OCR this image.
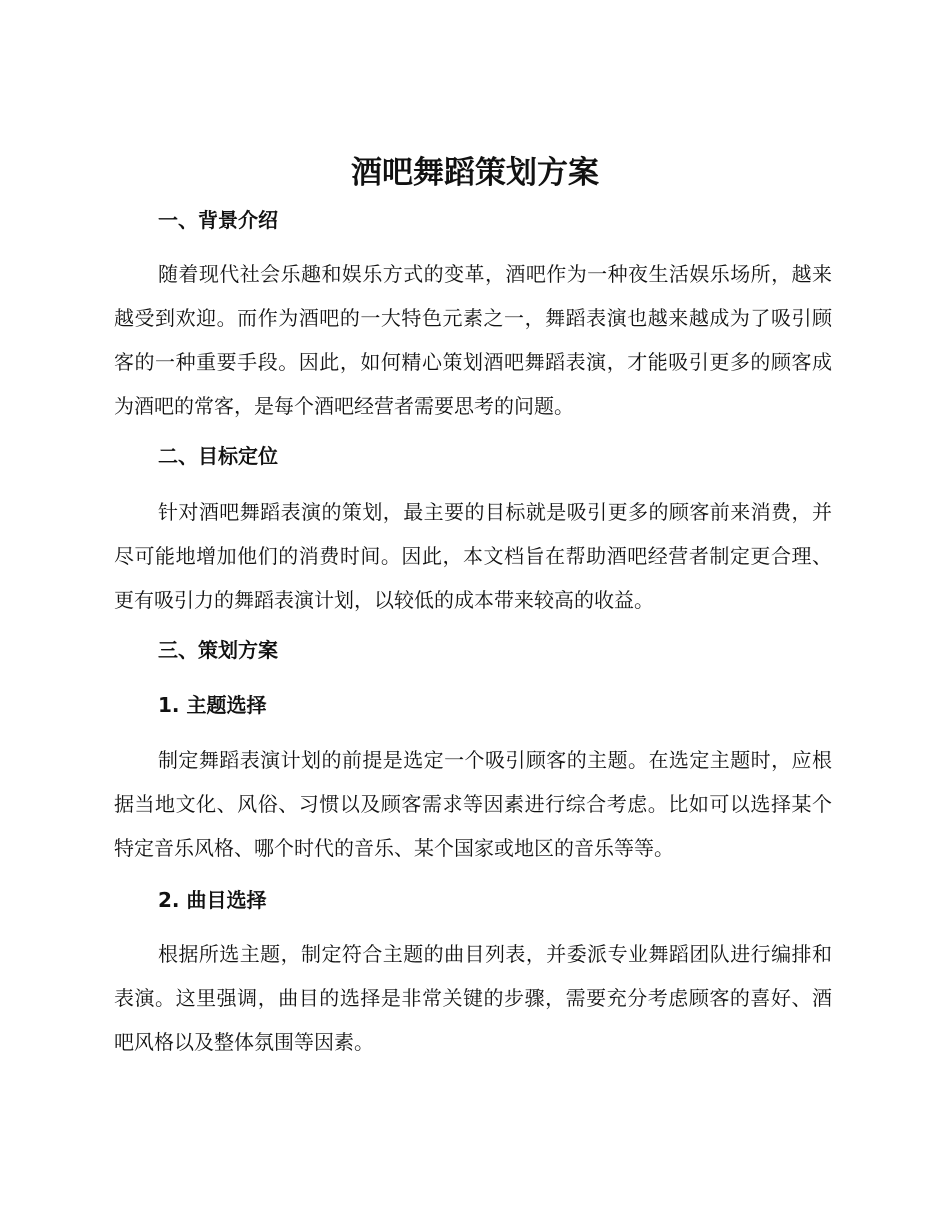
酒吧舞蹈策划方案
一、背景介绍

随着现代社会乐趣和娱乐方式的变革，酒吧作为一种夜生活娱乐场所，越来越受到欢迎。而作为酒吧的一大特色元素之一，舞蹈表演也越来越成为了吸引顾客的一种重要手段。因此，如何精心策划酒吧舞蹈表演，才能吸引更多的顾客成为酒吧的常客，是每个酒吧经营者需要思考的问题。

二、目标定位

针对酒吧舞蹈表演的策划，最主要的目标就是吸引更多的顾客前来消费，并尽可能地增加他们的消费时间。因此，本文档旨在帮助酒吧经营者制定更合理、更有吸引力的舞蹈表演计划，以较低的成本带来较高的收益。

三、策划方案
1. 主题选择

制定舞蹈表演计划的前提是选定一个吸引顾客的主题。在选定主题时，应根据当地文化、风俗、习惯以及顾客需求等因素进行综合考虑。比如可以选择某个特定音乐风格、哪个时代的音乐、某个国家或地区的音乐等等。

2. 曲目选择

根据所选主题，制定符合主题的曲目列表，并委派专业舞蹈团队进行编排和表演。这里强调，曲目的选择是非常关键的步骤，需要充分考虑顾客的喜好、酒吧风格以及整体氛围等因素。
